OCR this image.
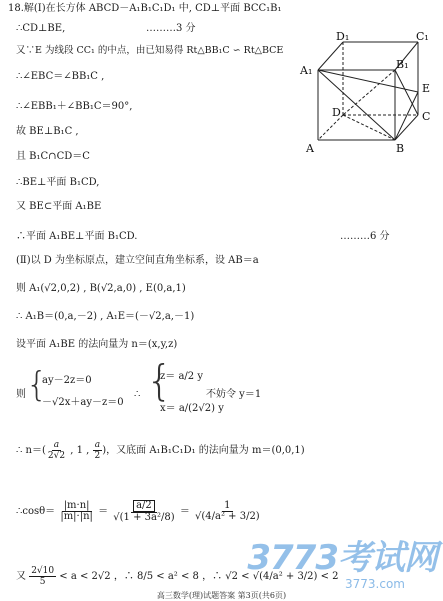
18.解(Ⅰ)在长方体 ABCD－A₁B₁C₁D₁ 中, CD⊥平面 BCC₁B₁
∴CD⊥BE,	………3 分
又∵E 为线段 CC₁ 的中点，由已知易得 Rt△BB₁C ∽ Rt△BCE
∴∠EBC＝∠BB₁C ,
∴∠EBB₁＋∠BB₁C＝90°,
故 BE⊥B₁C ,
且 B₁C∩CD＝C
∴BE⊥平面 B₁CD,
又 BE⊂平面 A₁BE
∴平面 A₁BE⊥平面 B₁CD.	………6 分
(Ⅱ)以 D 为坐标原点，建立空间直角坐标系，设 AB＝a
则 A₁(√2,0,2) , B(√2,a,0) , E(0,a,1)
∴ A₁B＝(0,a,－2) , A₁E＝(－√2,a,－1)
设平面 A₁BE 的法向量为 n＝(x,y,z)
则 {
ay－2z＝0
－√2x＋ay－z＝0
∴ {
z＝ a/2 y
x＝ a/(2√2) y
不妨令 y＝1
∴ $n=( \frac{a}{2√2}$ , 1 , $\frac{a}{2}$ )，又底面 A₁B₁C₁D₁ 的法向量为 m＝(0,0,1)
∴cosθ＝ $\frac{|m\cdot n|}{|m|\cdot|n|} = \frac{a/2}{\text{√(1 + 3a²/8)}} = \frac{1}{\text{√(4/a² + 3/2)}}$
又 $\frac{2√10}{5} < a < 2√2$ ，∴ 8/5 < a² < 8 ，∴ √2 < √(4/a² + 3/2) < 2
D₁	C₁
A₁	B₁
E
D	C
A	B
3773考试网
3773.com
高三数学(理)试题答案 第3页(共6页)
